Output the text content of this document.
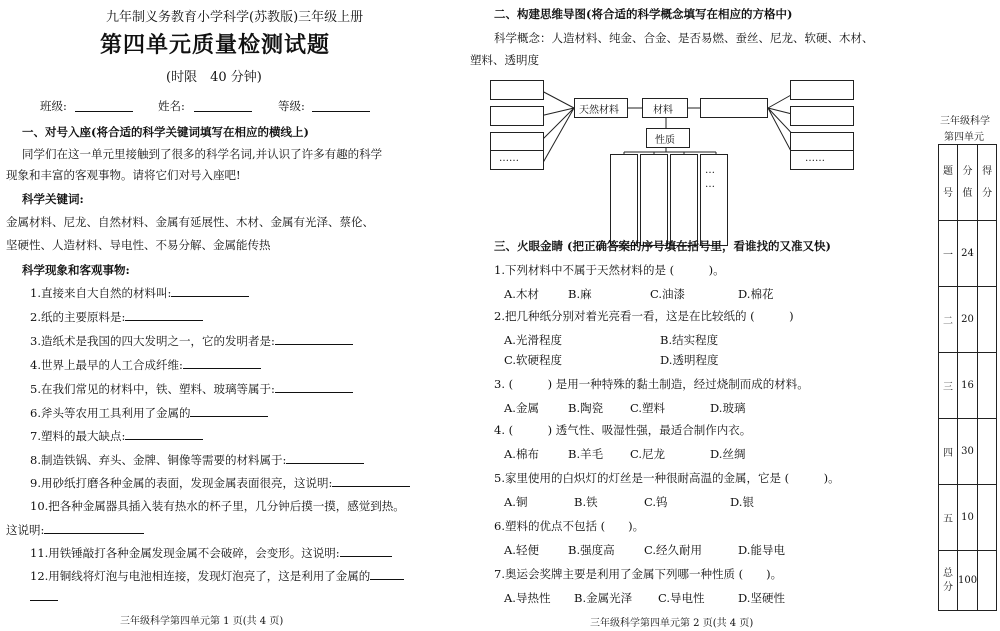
九年制义务教育小学科学(苏教版)三年级上册
第四单元质量检测试题
(时限　40 分钟)
班级:	姓名:	等级:
一、对号入座(将合适的科学关键词填写在相应的横线上)
同学们在这一单元里接触到了很多的科学名词,并认识了许多有趣的科学
现象和丰富的客观事物。请将它们对号入座吧!
科学关键词:
金属材料、尼龙、自然材料、金属有延展性、木材、金属有光泽、蔡伦、
坚硬性、人造材料、导电性、不易分解、金属能传热
科学现象和客观事物:
1.直接来自大自然的材料叫:
2.纸的主要原料是:
3.造纸术是我国的四大发明之一，它的发明者是:
4.世界上最早的人工合成纤维:
5.在我们常见的材料中，铁、塑料、玻璃等属于:
6.斧头等农用工具利用了金属的
7.塑料的最大缺点:
8.制造铁锅、弃头、金牌、铜像等需要的材料属于:
9.用砂纸打磨各种金属的表面，发现金属表面很亮，这说明:
10.把各种金属器具插入装有热水的杯子里，几分钟后摸一摸，感觉到热。
这说明:
11.用铁锤敲打各种金属发现金属不会破碎，会变形。这说明:
12.用铜线将灯泡与电池相连接，发现灯泡亮了，这是利用了金属的
三年级科学第四单元第 1 页(共 4 页)
二、构建思维导图(将合适的科学概念填写在相应的方格中)
科学概念：人造材料、纯金、合金、是否易燃、蚕丝、尼龙、软硬、木材、
塑料、透明度
……
天然材料	材料
……
性质
…
…
三、火眼金睛 (把正确答案的序号填在括号里，看谁找的又准又快)
1.下列材料中不属于天然材料的是 (　　　)。
A.木材	B.麻	C.油漆	D.棉花
2.把几种纸分别对着光亮看一看，这是在比较纸的 (　　　)
A.光滑程度	B.结实程度
C.软硬程度	D.透明程度
3. (　　　) 是用一种特殊的黏土制造，经过烧制而成的材料。
A.金属	B.陶瓷 C.塑料	D.玻璃
4. (　　　) 透气性、吸湿性强，最适合制作内衣。
A.棉布	B.羊毛 C.尼龙	D.丝绸
5.家里使用的白炽灯的灯丝是一种很耐高温的金属，它是 (　　　)。
A.铜	B.铁	C.钨	D.银
6.塑料的优点不包括 (　　)。
A.轻便	B.强度高	C.经久耐用	D.能导电
7.奥运会奖牌主要是利用了金属下列哪一种性质 (　　)。
A.导热性 B.金属光泽 C.导电性	D.坚硬性
三年级科学第四单元第 2 页(共 4 页)
三年级科学
第四单元
题号	分值	得分
一	24	
二	20	
三	16	
四	30	
五	10	
总分	100	
